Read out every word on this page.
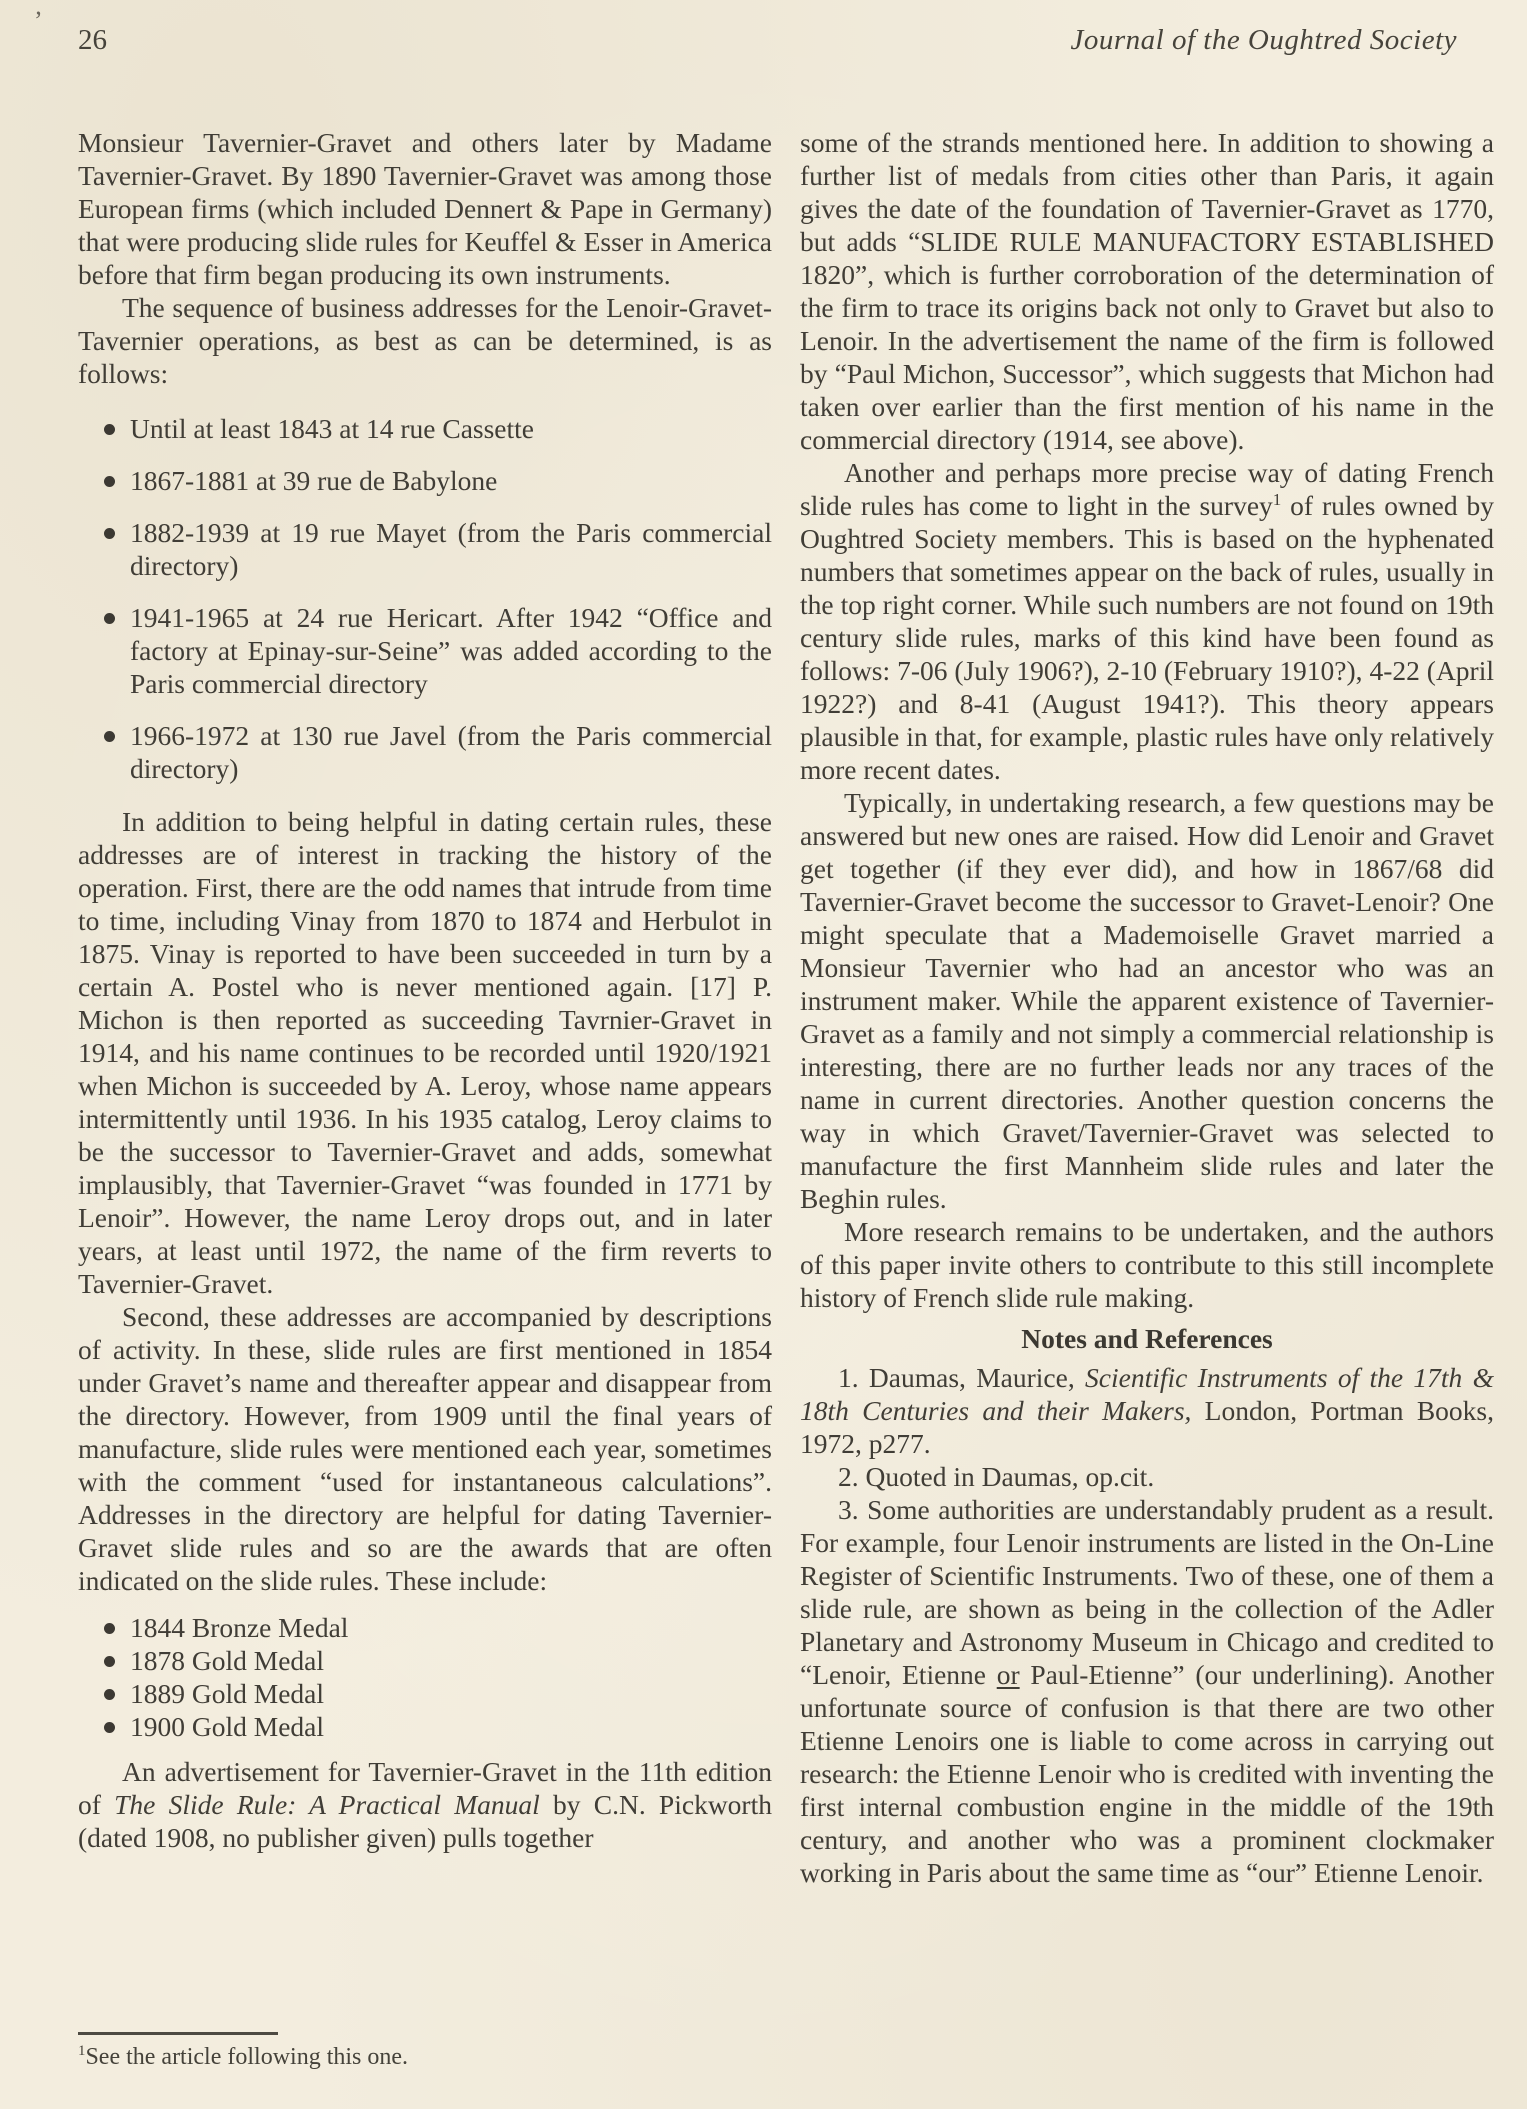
’
26	Journal of the Oughtred Society

Monsieur Tavernier-Gravet and others later by Madame Tavernier-Gravet. By 1890 Tavernier-Gravet was among those European firms (which included Dennert & Pape in Germany) that were producing slide rules for Keuffel & Esser in America before that firm began producing its own instruments.

The sequence of business addresses for the Lenoir-Gravet-Tavernier operations, as best as can be determined, is as follows:

Until at least 1843 at 14 rue Cassette
1867-1881 at 39 rue de Babylone
1882-1939 at 19 rue Mayet (from the Paris commercial directory)
1941-1965 at 24 rue Hericart. After 1942 “Office and factory at Epinay-sur-Seine” was added according to the Paris commercial directory
1966-1972 at 130 rue Javel (from the Paris commercial directory)

In addition to being helpful in dating certain rules, these addresses are of interest in tracking the history of the operation. First, there are the odd names that intrude from time to time, including Vinay from 1870 to 1874 and Herbulot in 1875. Vinay is reported to have been succeeded in turn by a certain A. Postel who is never mentioned again. [17] P. Michon is then reported as succeeding Tavrnier-Gravet in 1914, and his name continues to be recorded until 1920/1921 when Michon is succeeded by A. Leroy, whose name appears intermittently until 1936. In his 1935 catalog, Leroy claims to be the successor to Tavernier-Gravet and adds, somewhat implausibly, that Tavernier-Gravet “was founded in 1771 by Lenoir”. However, the name Leroy drops out, and in later years, at least until 1972, the name of the firm reverts to Tavernier-Gravet.

Second, these addresses are accompanied by descriptions of activity. In these, slide rules are first mentioned in 1854 under Gravet’s name and thereafter appear and disappear from the directory. However, from 1909 until the final years of manufacture, slide rules were mentioned each year, sometimes with the comment “used for instantaneous calculations”. Addresses in the directory are helpful for dating Tavernier-Gravet slide rules and so are the awards that are often indicated on the slide rules. These include:

1844 Bronze Medal
1878 Gold Medal
1889 Gold Medal
1900 Gold Medal

An advertisement for Tavernier-Gravet in the 11th edition of The Slide Rule: A Practical Manual by C.N. Pickworth (dated 1908, no publisher given) pulls together

some of the strands mentioned here. In addition to showing a further list of medals from cities other than Paris, it again gives the date of the foundation of Tavernier-Gravet as 1770, but adds “SLIDE RULE MANUFACTORY ESTABLISHED 1820”, which is further corroboration of the determination of the firm to trace its origins back not only to Gravet but also to Lenoir. In the advertisement the name of the firm is followed by “Paul Michon, Successor”, which suggests that Michon had taken over earlier than the first mention of his name in the commercial directory (1914, see above).

Another and perhaps more precise way of dating French slide rules has come to light in the survey$^1$ of rules owned by Oughtred Society members. This is based on the hyphenated numbers that sometimes appear on the back of rules, usually in the top right corner. While such numbers are not found on 19th century slide rules, marks of this kind have been found as follows: 7-06 (July 1906?), 2-10 (February 1910?), 4-22 (April 1922?) and 8-41 (August 1941?). This theory appears plausible in that, for example, plastic rules have only relatively more recent dates.

Typically, in undertaking research, a few questions may be answered but new ones are raised. How did Lenoir and Gravet get together (if they ever did), and how in 1867/68 did Tavernier-Gravet become the successor to Gravet-Lenoir? One might speculate that a Mademoiselle Gravet married a Monsieur Tavernier who had an ancestor who was an instrument maker. While the apparent existence of Tavernier-Gravet as a family and not simply a commercial relationship is interesting, there are no further leads nor any traces of the name in current directories. Another question concerns the way in which Gravet/Tavernier-Gravet was selected to manufacture the first Mannheim slide rules and later the Beghin rules.

More research remains to be undertaken, and the authors of this paper invite others to contribute to this still incomplete history of French slide rule making.

Notes and References

1. Daumas, Maurice, Scientific Instruments of the 17th & 18th Centuries and their Makers, London, Portman Books, 1972, p277.

2. Quoted in Daumas, op.cit.

3. Some authorities are understandably prudent as a result. For example, four Lenoir instruments are listed in the On-Line Register of Scientific Instruments. Two of these, one of them a slide rule, are shown as being in the collection of the Adler Planetary and Astronomy Museum in Chicago and credited to “Lenoir, Etienne or Paul-Etienne” (our underlining). Another unfortunate source of confusion is that there are two other Etienne Lenoirs one is liable to come across in carrying out research: the Etienne Lenoir who is credited with inventing the first internal combustion engine in the middle of the 19th century, and another who was a prominent clockmaker working in Paris about the same time as “our” Etienne Lenoir.

$^1$See the article following this one.
